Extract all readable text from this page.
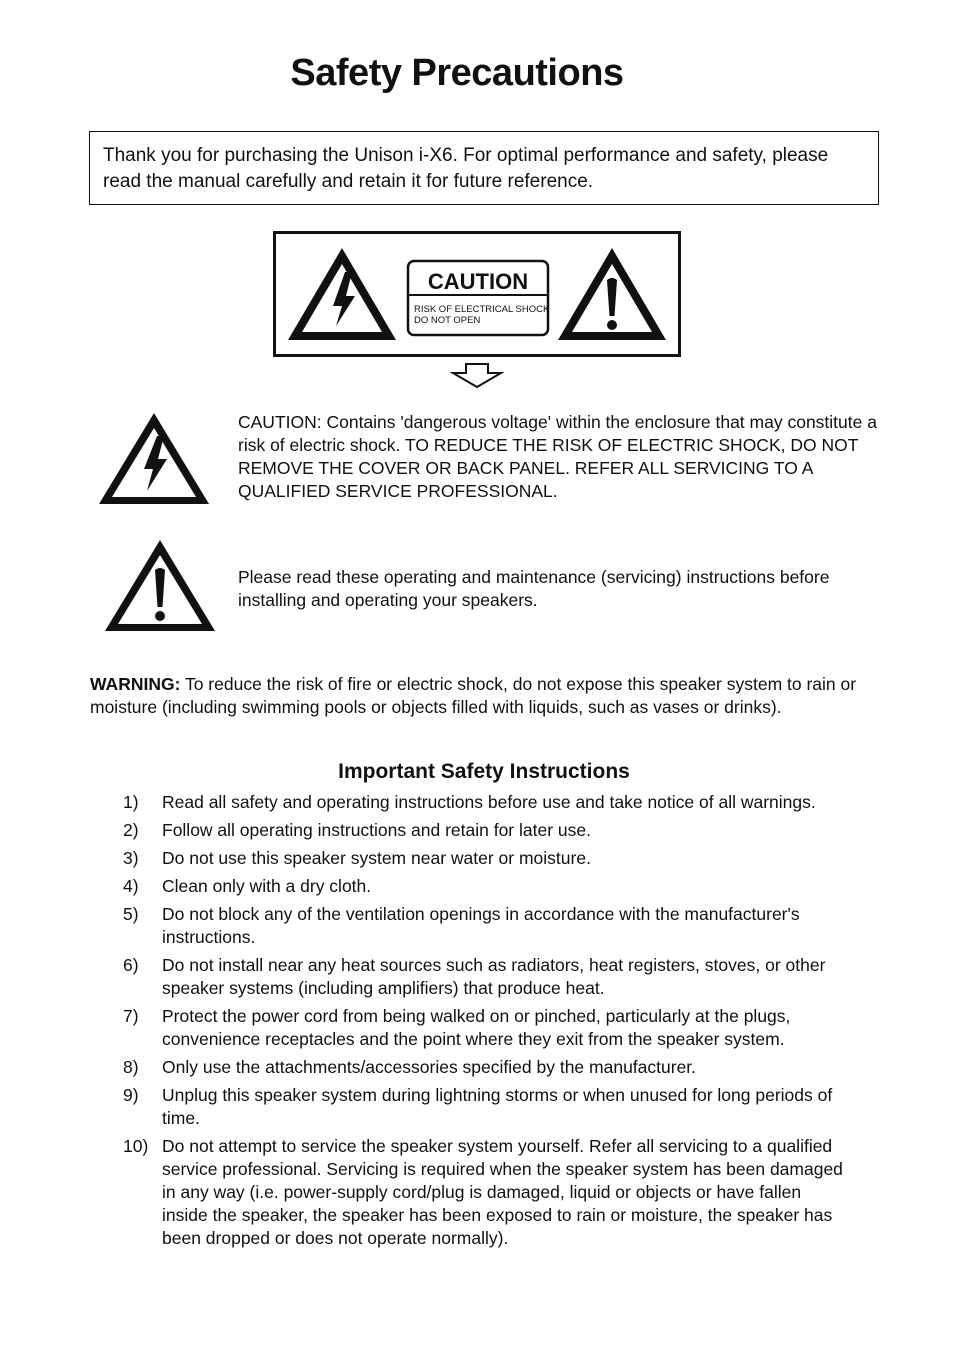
Safety Precautions
Thank you for purchasing the Unison i-X6. For optimal performance and safety, please read the manual carefully and retain it for future reference.
CAUTION
RISK OF ELECTRICAL SHOCK
DO NOT OPEN

CAUTION: Contains 'dangerous voltage' within the enclosure that may constitute a risk of electric shock. TO REDUCE THE RISK OF ELECTRIC SHOCK, DO NOT REMOVE THE COVER OR BACK PANEL. REFER ALL SERVICING TO A QUALIFIED SERVICE PROFESSIONAL.

Please read these operating and maintenance (servicing) instructions before installing and operating your speakers.

WARNING: To reduce the risk of fire or electric shock, do not expose this speaker system to rain or moisture (including swimming pools or objects filled with liquids, such as vases or drinks).

Important Safety Instructions
1)	Read all safety and operating instructions before use and take notice of all warnings.
2)	Follow all operating instructions and retain for later use.
3)	Do not use this speaker system near water or moisture.
4)	Clean only with a dry cloth.
5)	Do not block any of the ventilation openings in accordance with the manufacturer's instructions.
6)	Do not install near any heat sources such as radiators, heat registers, stoves, or other speaker systems (including amplifiers) that produce heat.
7)	Protect the power cord from being walked on or pinched, particularly at the plugs, convenience receptacles and the point where they exit from the speaker system.
8)	Only use the attachments/accessories specified by the manufacturer.
9)	Unplug this speaker system during lightning storms or when unused for long periods of time.
10) Do not attempt to service the speaker system yourself. Refer all servicing to a qualified service professional. Servicing is required when the speaker system has been damaged in any way (i.e. power-supply cord/plug is damaged, liquid or objects or have fallen inside the speaker, the speaker has been exposed to rain or moisture, the speaker has been dropped or does not operate normally).
